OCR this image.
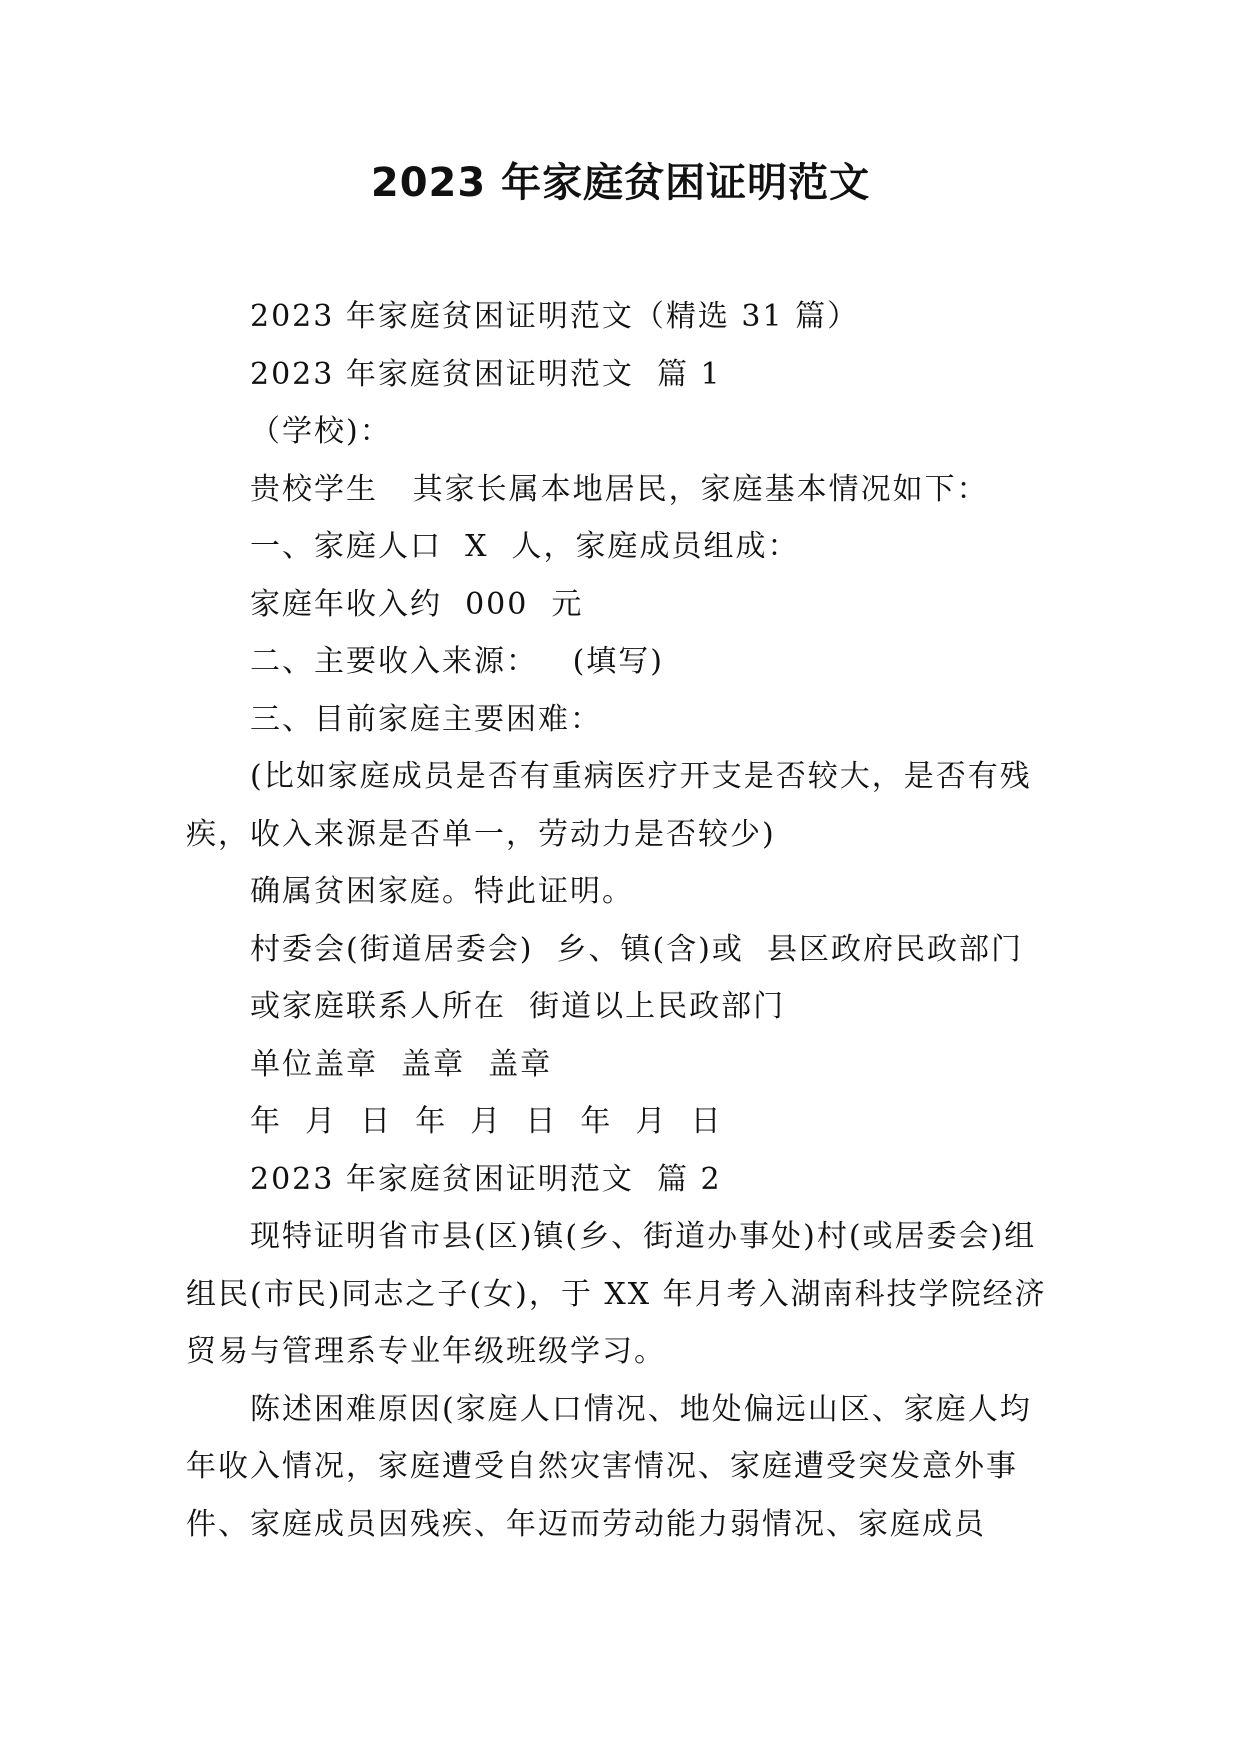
2023 年家庭贫困证明范文

2023 年家庭贫困证明范文（精选 31 篇）

2023 年家庭贫困证明范文  篇 1

（学校)：

贵校学生   其家长属本地居民，家庭基本情况如下：

一、家庭人口  X  人，家庭成员组成：

家庭年收入约  000  元

二、主要收入来源：   (填写)

三、目前家庭主要困难：

(比如家庭成员是否有重病医疗开支是否较大，是否有残疾，收入来源是否单一，劳动力是否较少)

确属贫困家庭。特此证明。

村委会(街道居委会)  乡、镇(含)或  县区政府民政部门

或家庭联系人所在  街道以上民政部门

单位盖章  盖章  盖章

年  月  日  年  月  日  年  月  日

2023 年家庭贫困证明范文  篇 2

现特证明省市县(区)镇(乡、街道办事处)村(或居委会)组组民(市民)同志之子(女)，于 XX 年月考入湖南科技学院经济贸易与管理系专业年级班级学习。

陈述困难原因(家庭人口情况、地处偏远山区、家庭人均年收入情况，家庭遭受自然灾害情况、家庭遭受突发意外事件、家庭成员因残疾、年迈而劳动能力弱情况、家庭成员
